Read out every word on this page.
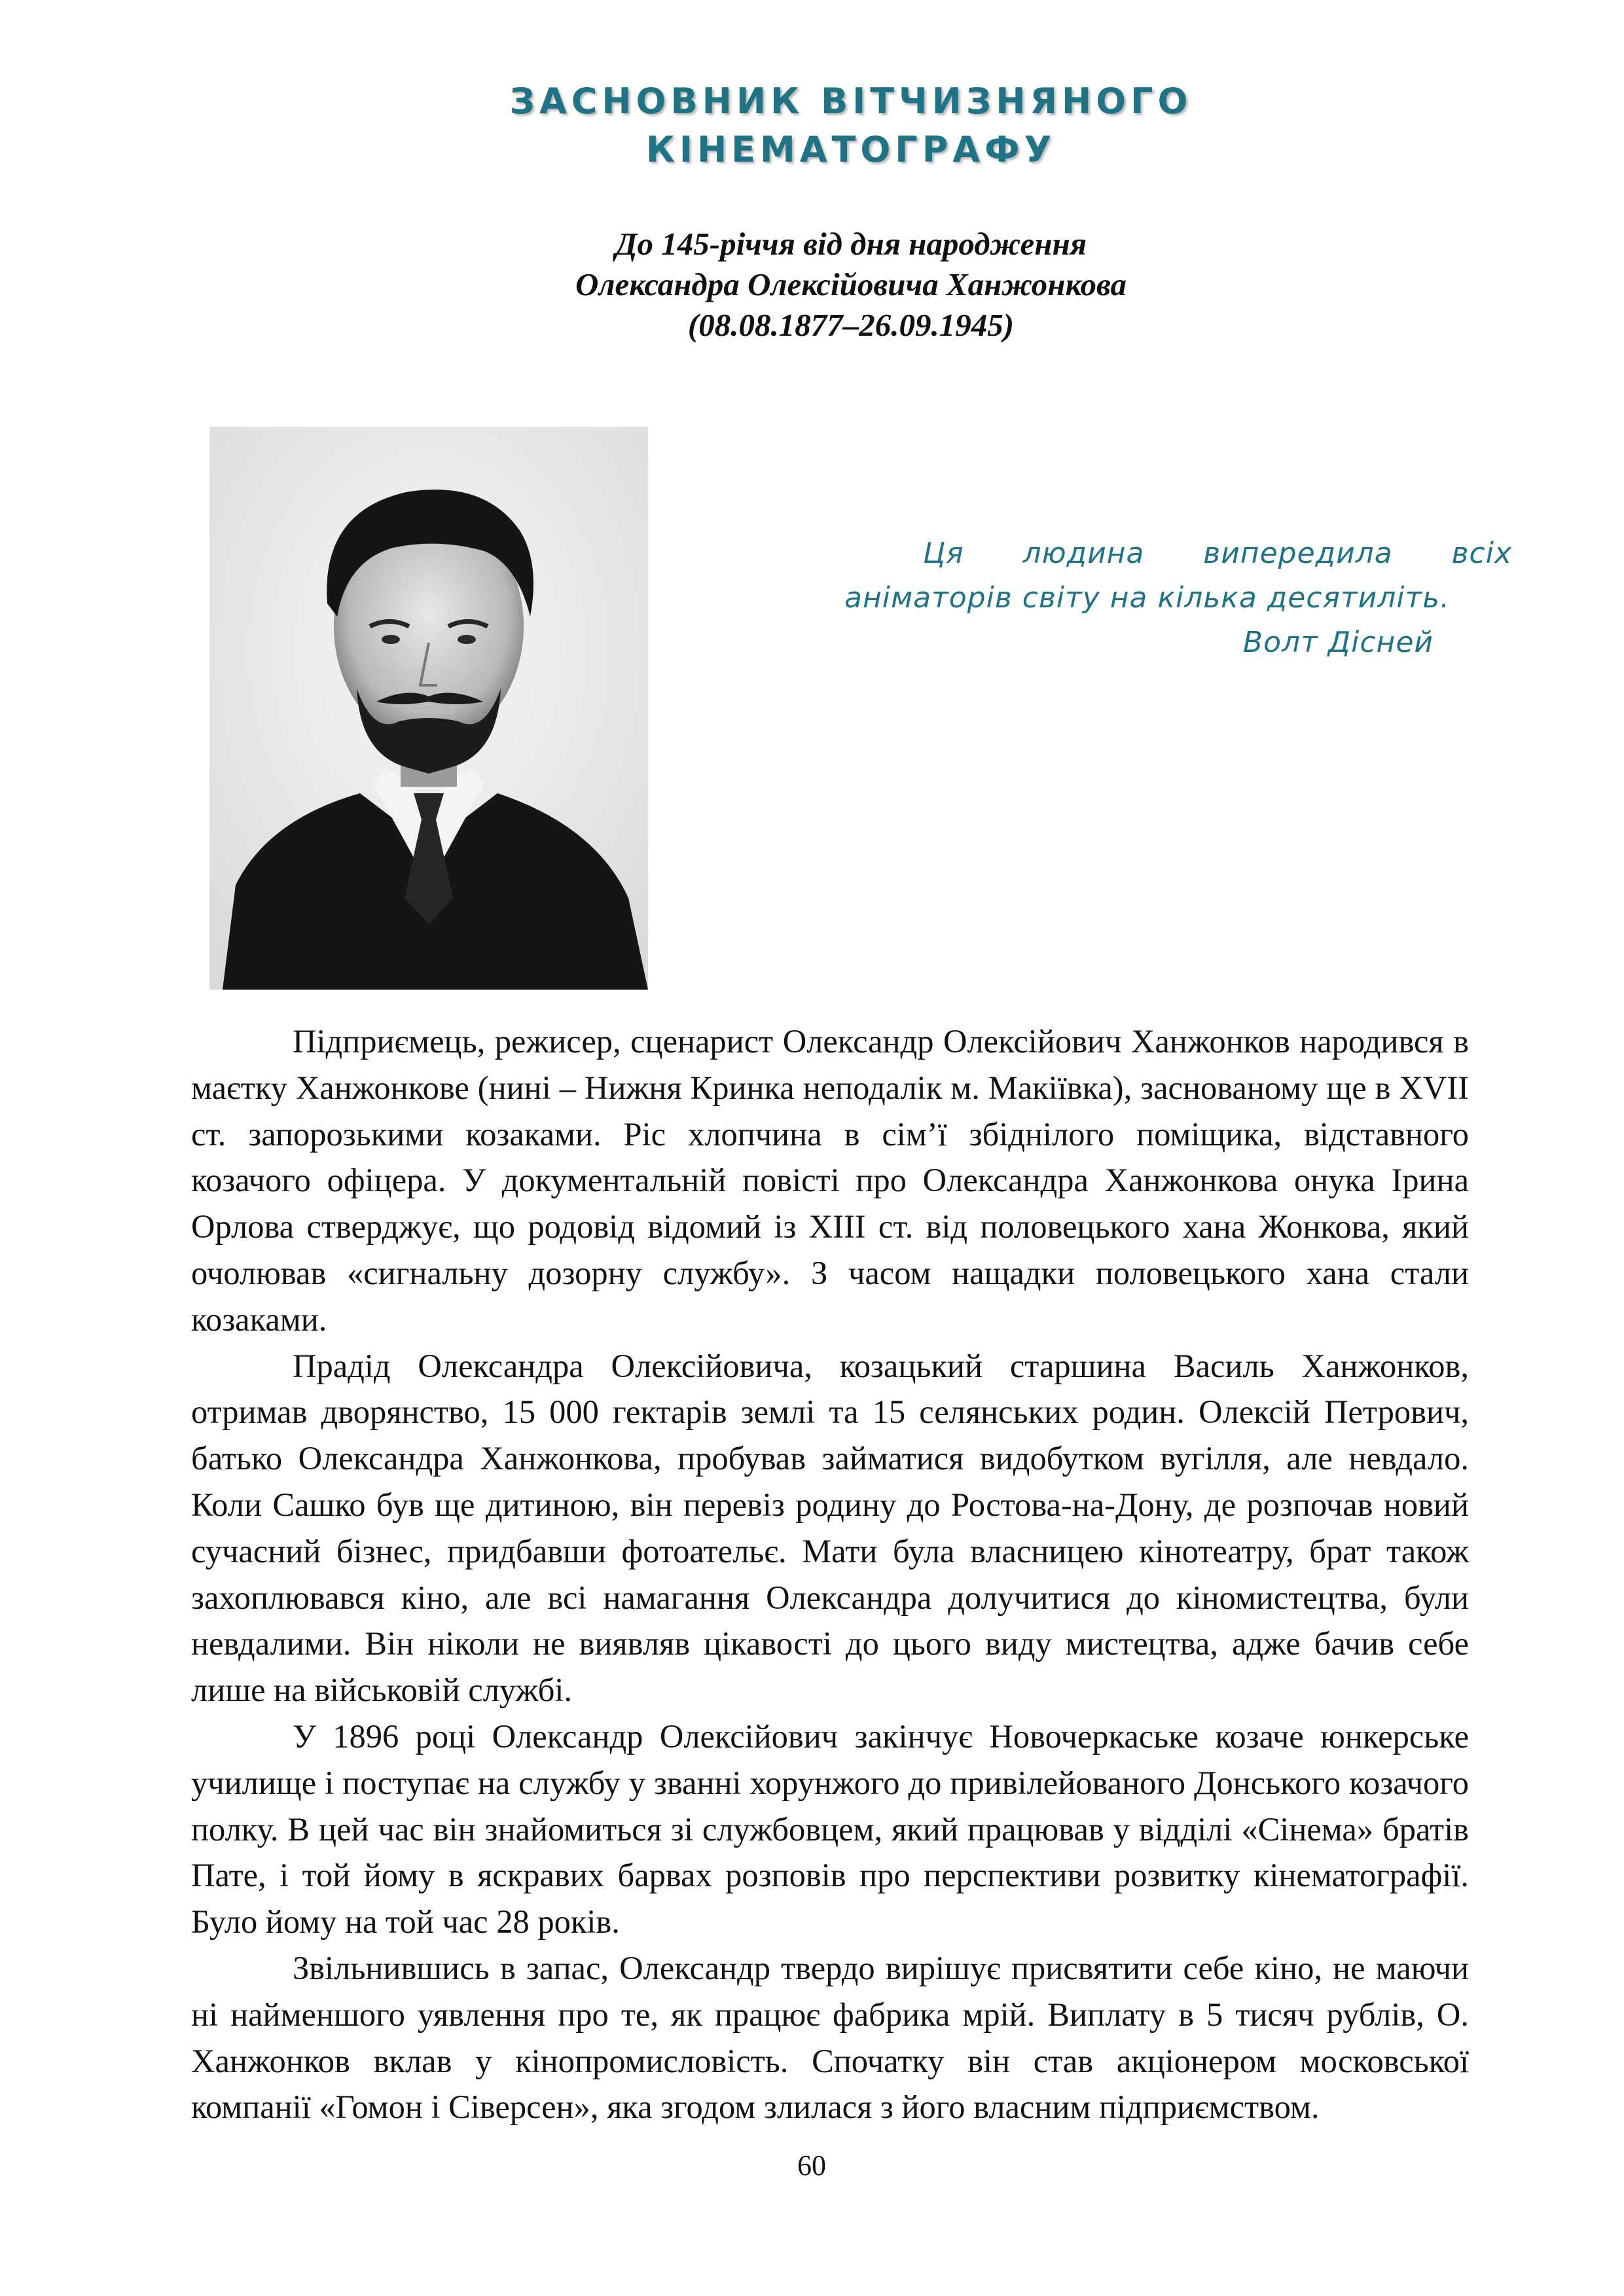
ЗАСНОВНИК ВІТЧИЗНЯНОГО
КІНЕМАТОГРАФУ
До 145-річчя від дня народження
Олександра Олексійовича Ханжонкова
(08.08.1877–26.09.1945)
Ця людина випередила всіх
аніматорів світу на кілька десятиліть.
Волт Дісней

Підприємець, режисер, сценарист Олександр Олексійович Ханжонков народився в маєтку Ханжонкове (нині – Нижня Кринка неподалік м. Макіївка), заснованому ще в XVII ст. запорозькими козаками. Ріс хлопчина в сім’ї збіднілого поміщика, відставного козачого офіцера. У документальній повісті про Олександра Ханжонкова онука Ірина Орлова стверджує, що родовід відомий із XIII ст. від половецького хана Жонкова, який очолював «сигнальну дозорну службу». З часом нащадки половецького хана стали козаками.

Прадід Олександра Олексійовича, козацький старшина Василь Ханжонков, отримав дворянство, 15 000 гектарів землі та 15 селянських родин. Олексій Петрович, батько Олександра Ханжонкова, пробував займатися видобутком вугілля, але невдало. Коли Сашко був ще дитиною, він перевіз родину до Ростова-на-Дону, де розпочав новий сучасний бізнес, придбавши фотоательє. Мати була власницею кінотеатру, брат також захоплювався кіно, але всі намагання Олександра долучитися до кіномистецтва, були невдалими. Він ніколи не виявляв цікавості до цього виду мистецтва, адже бачив себе лише на військовій службі.

У 1896 році Олександр Олексійович закінчує Новочеркаське козаче юнкерське училище і поступає на службу у званні хорунжого до привілейованого Донського козачого полку. В цей час він знайомиться зі службовцем, який працював у відділі «Сінема» братів Пате, і той йому в яскравих барвах розповів про перспективи розвитку кінематографії. Було йому на той час 28 років.

Звільнившись в запас, Олександр твердо вирішує присвятити себе кіно, не маючи ні найменшого уявлення про те, як працює фабрика мрій. Виплату в 5 тисяч рублів, О. Ханжонков вклав у кінопромисловість. Спочатку він став акціонером московської компанії «Гомон і Сіверсен», яка згодом злилася з його власним підприємством.

60
